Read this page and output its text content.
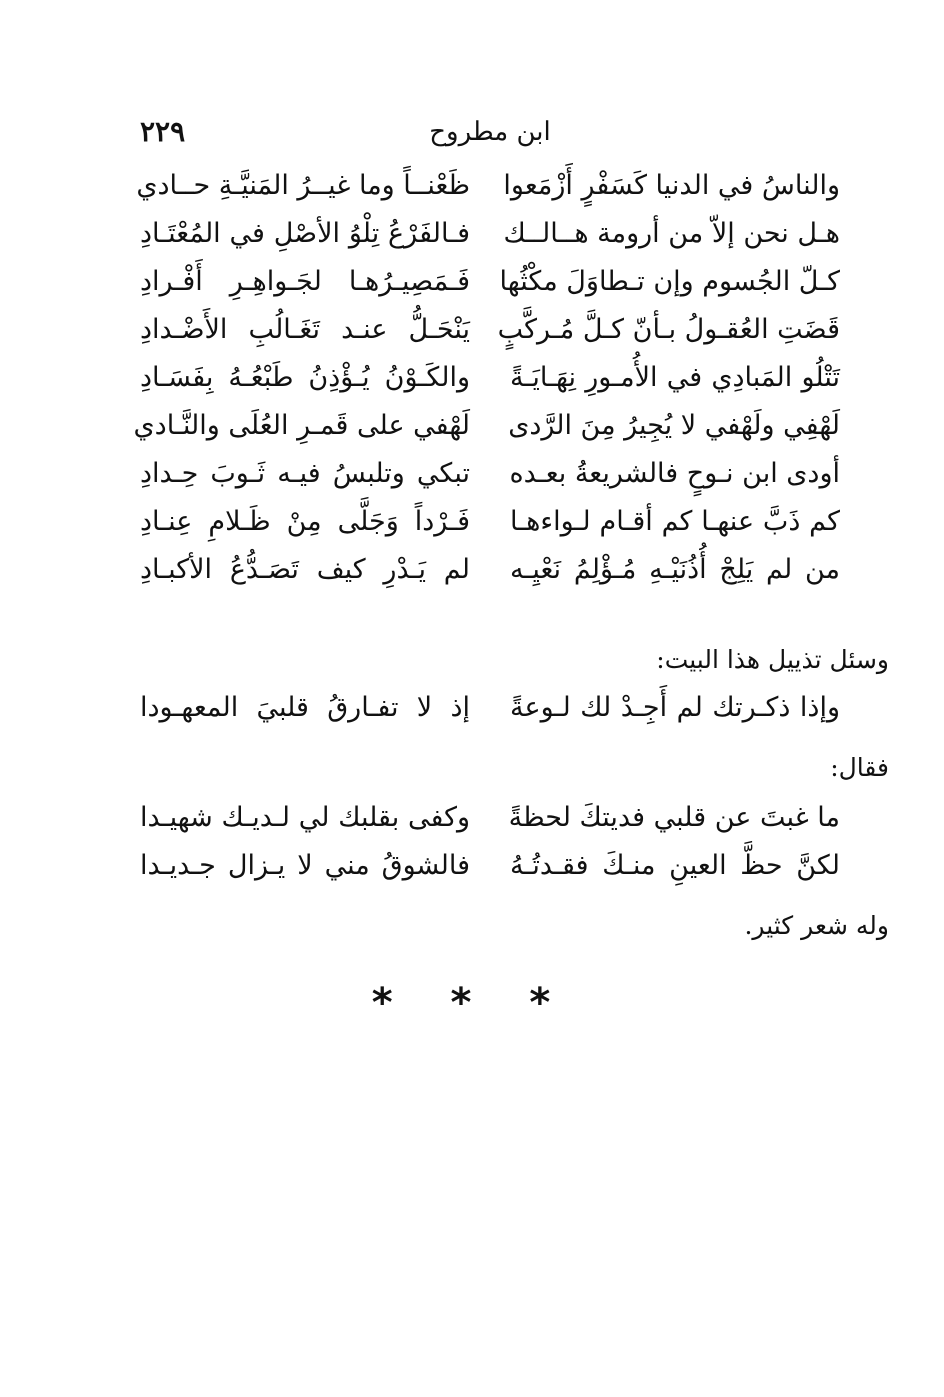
٢٢٩	ابن مطروح
والناسُ في الدنيا كَسَفْرٍ أَزْمَعوا
ظَعْنــاً وما غيــرُ المَنيَّـةِ حــادي
هـل نحن إلاّ من أرومة هــالــك
فـالفَرْعُ تِلْوُ الأصْلِ في المُعْتَـادِ
كـلّ الجُسوم وإن تـطاوَلَ مكْثُها
فَـمَصِيـرُهـا لجَـواهِـرِ أَفْـرادِ
قَضَتِ العُقـولُ بـأنّ كـلَّ مُـركَّبٍ
يَنْحَـلُّ عنـد تَغَـالُبِ الأَضْـدادِ
تَتْلُو المَبادِي في الأُمـورِ نِهَـايَـةً
والكَـوْنُ يُـؤْذِنُ طَبْعُـهُ بِفَسَـادِ
لَهْفِي ولَهْفي لا يُجِيرُ مِنَ الرَّدى
لَهْفي على قَمـرِ العُلَى والنَّـادي
أودى ابن نـوحٍ فالشريعةُ بعـده
تبكي وتلبسُ فيـه ثَـوبَ حِـدادِ
كم ذَبَّ عنهـا كم أقـام لـواءهـا
فَـرْداً وَجَلَّى مِنْ ظَـلامِ عِنـادِ
من لم يَلِجْ أُذُنَيْـهِ مُـؤْلِمُ نَعْيِـه
لم يَـدْرِ كيف تَصَـدُّعُ الأكبـادِ
وسئل تذييل هذا البيت:
وإذا ذكـرتك لم أَجِـدْ لك لـوعةً
إذ لا تفـارقُ قلبيَ المعهـودا
فقال:
ما غبتَ عن قلبي فديتكَ لحظةً
وكفى بقلبك لي لـديـك شهيـدا
لكنَّ حظَّ العينِ منـكَ فقـدتُـهُ
فالشوقُ مني لا يـزال جـديـدا
وله شعر كثير.
* * *
